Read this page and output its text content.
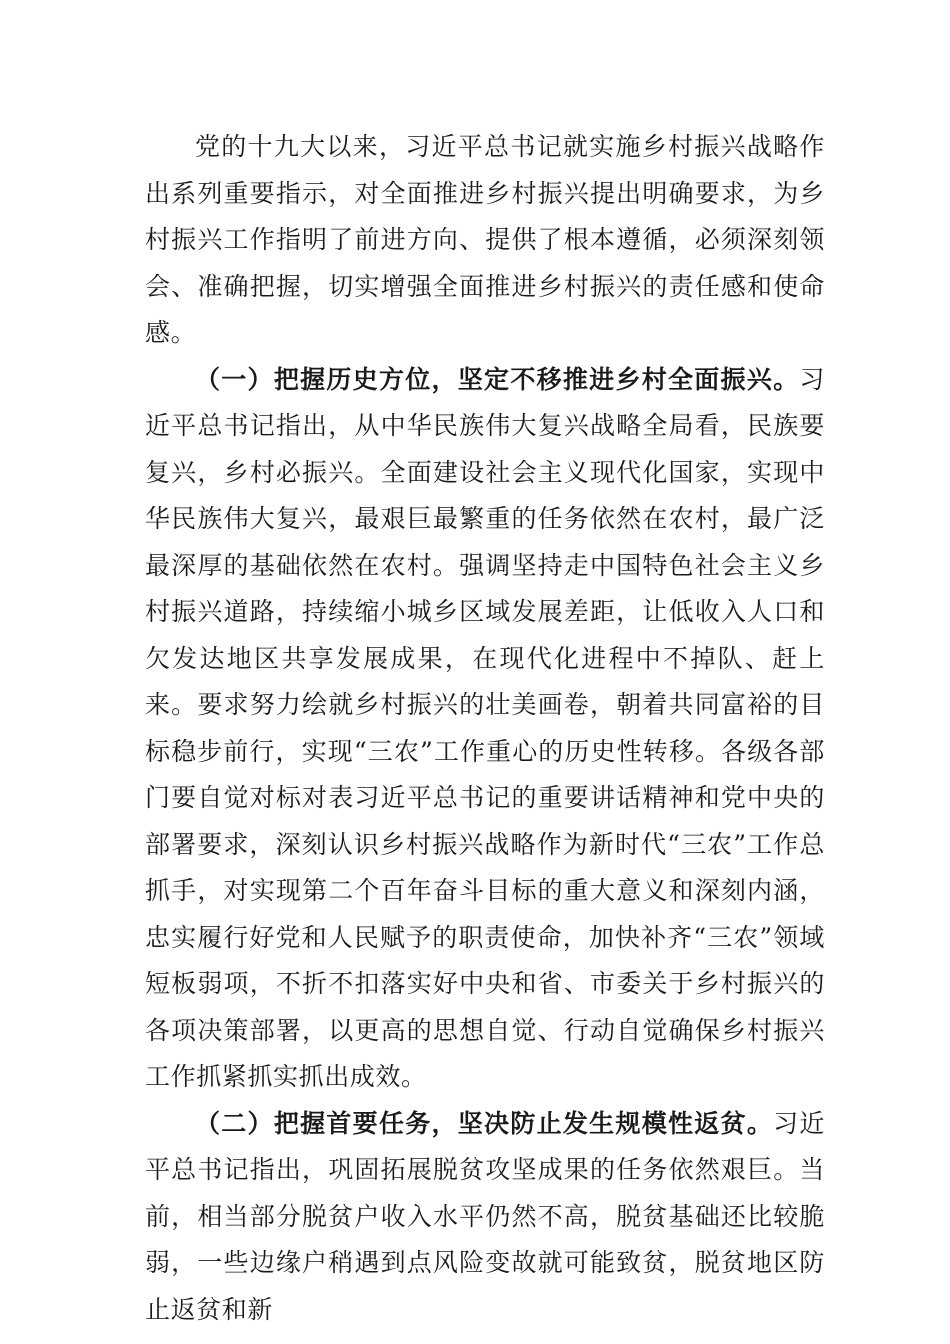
党的十九大以来，习近平总书记就实施乡村振兴战略作出系列重要指示，对全面推进乡村振兴提出明确要求，为乡村振兴工作指明了前进方向、提供了根本遵循，必须深刻领会、准确把握，切实增强全面推进乡村振兴的责任感和使命感。

（一）把握历史方位，坚定不移推进乡村全面振兴。习近平总书记指出，从中华民族伟大复兴战略全局看，民族要复兴，乡村必振兴。全面建设社会主义现代化国家，实现中华民族伟大复兴，最艰巨最繁重的任务依然在农村，最广泛最深厚的基础依然在农村。强调坚持走中国特色社会主义乡村振兴道路，持续缩小城乡区域发展差距，让低收入人口和欠发达地区共享发展成果，在现代化进程中不掉队、赶上来。要求努力绘就乡村振兴的壮美画卷，朝着共同富裕的目标稳步前行，实现“三农”工作重心的历史性转移。各级各部门要自觉对标对表习近平总书记的重要讲话精神和党中央的部署要求，深刻认识乡村振兴战略作为新时代“三农”工作总抓手，对实现第二个百年奋斗目标的重大意义和深刻内涵，忠实履行好党和人民赋予的职责使命，加快补齐“三农”领域短板弱项，不折不扣落实好中央和省、市委关于乡村振兴的各项决策部署，以更高的思想自觉、行动自觉确保乡村振兴工作抓紧抓实抓出成效。

（二）把握首要任务，坚决防止发生规模性返贫。习近平总书记指出，巩固拓展脱贫攻坚成果的任务依然艰巨。当前，相当部分脱贫户收入水平仍然不高，脱贫基础还比较脆弱，一些边缘户稍遇到点风险变故就可能致贫，脱贫地区防止返贫和新
